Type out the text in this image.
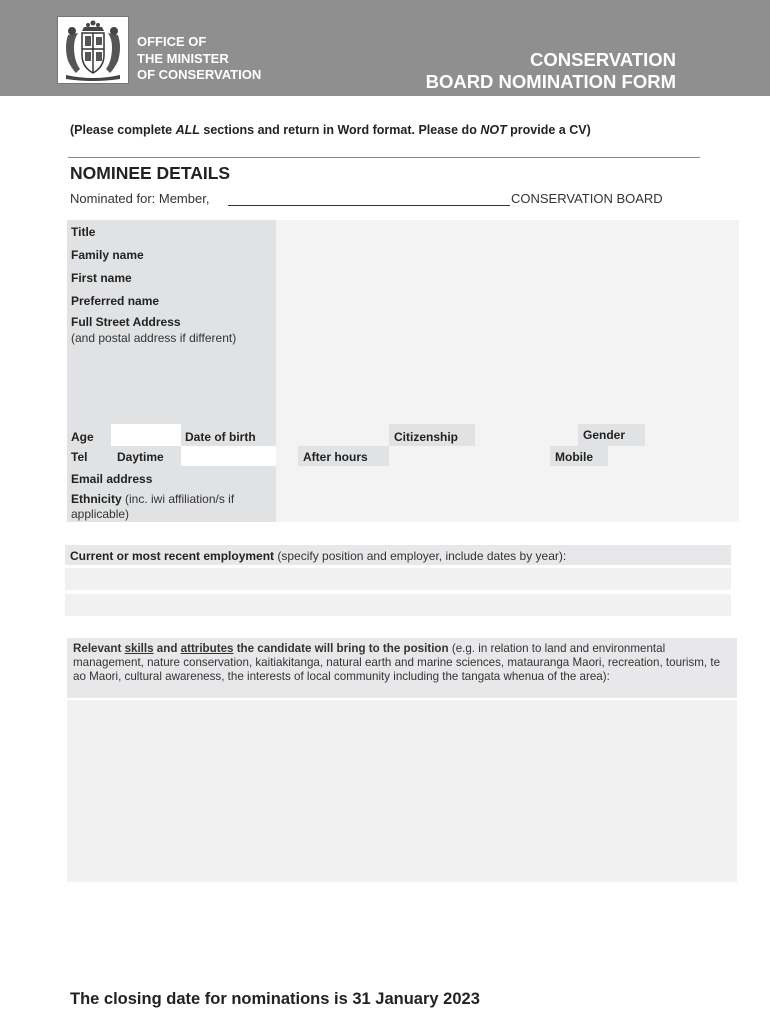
OFFICE OF
THE MINISTER
OF CONSERVATION
CONSERVATION
BOARD NOMINATION FORM
(Please complete ALL sections and return in Word format. Please do NOT provide a CV)
NOMINEE DETAILS
Nominated for: Member,	CONSERVATION BOARD
Title
Family name
First name
Preferred name
Full Street Address
(and postal address if different)
Age	Date of birth	Citizenship	Gender
Tel Daytime	After hours	Mobile
Email address
Ethnicity (inc. iwi affiliation/s if
applicable)
Current or most recent employment (specify position and employer, include dates by year):
Relevant skills and attributes the candidate will bring to the position (e.g. in relation to land and environmental management, nature conservation, kaitiakitanga, natural earth and marine sciences, matauranga Maori, recreation, tourism, te ao Maori, cultural awareness, the interests of local community including the tangata whenua of the area):
The closing date for nominations is 31 January 2023
